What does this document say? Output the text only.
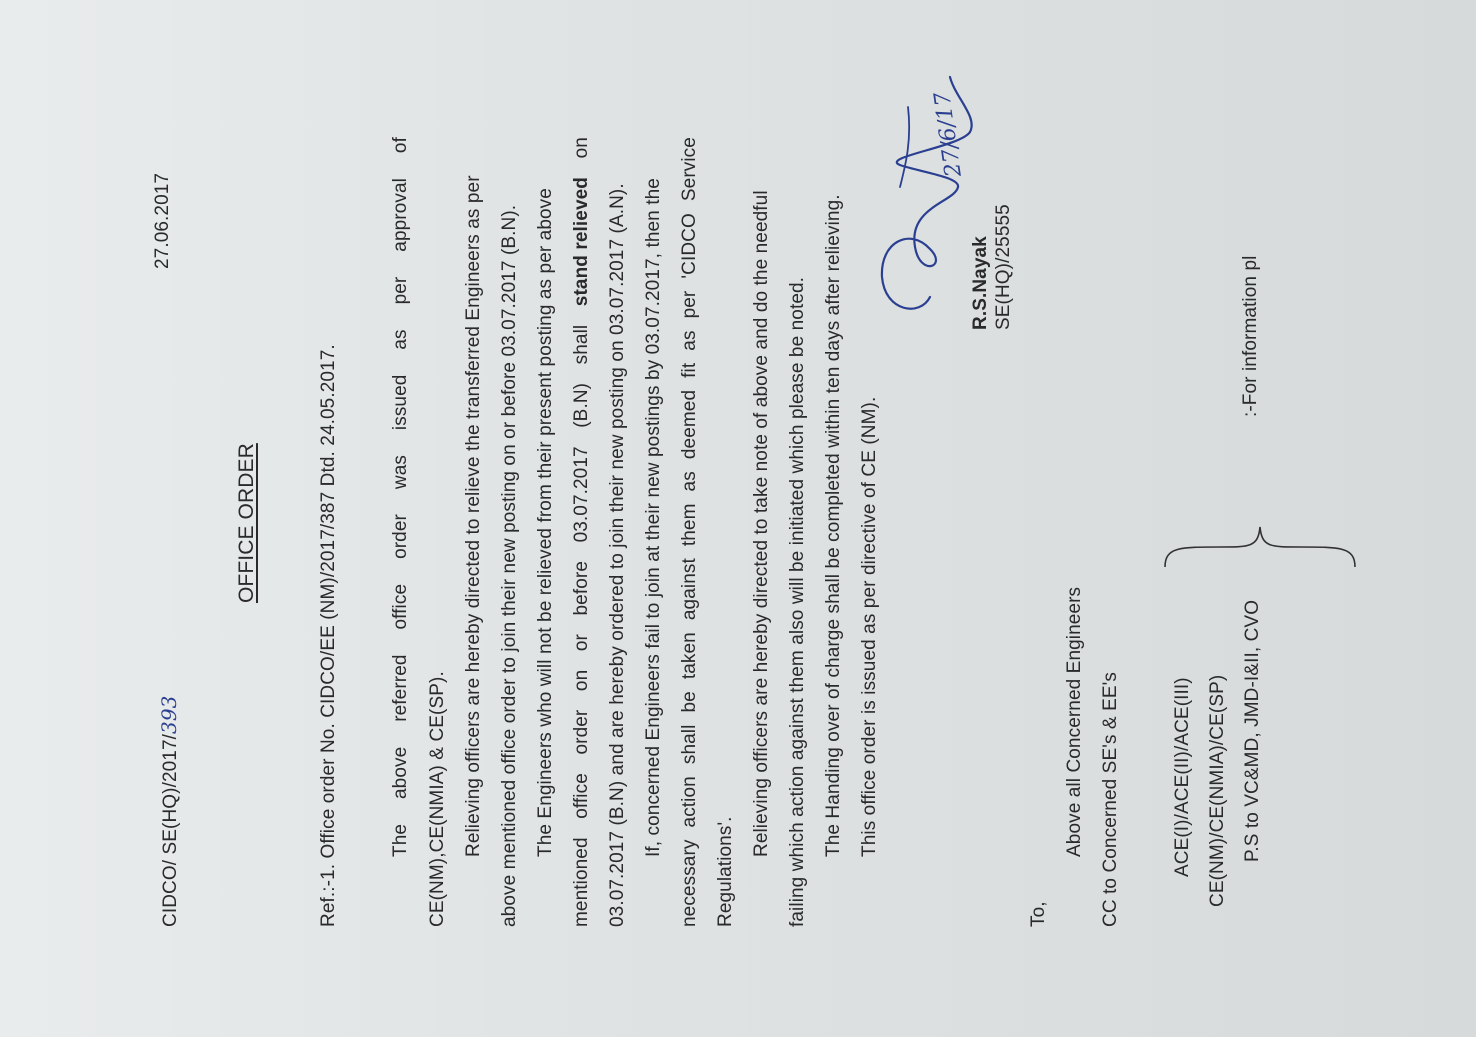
CIDCO/ SE(HQ)/2017/393
27.06.2017
OFFICE ORDER	Ref.:-1. Office order No. CIDCO/EE (NM)/2017/387 Dtd. 24.05.2017.	The
above
referred
office
order
was
issued
as
per
approval
of
CE(NM),CE(NMIA) & CE(SP). Relieving officers are hereby directed to relieve the transferred Engineers as per above mentioned office order to join their new posting on or before 03.07.2017 (B.N). The Engineers who will not be relieved from their present posting as per above
mentioned
office
order
on
or
before
03.07.2017
(B.N)
shall
stand relieved
on
03.07.2017 (B.N) and are hereby ordered to join their new posting on 03.07.2017 (A.N). If, concerned Engineers fail to join at their new postings by 03.07.2017, then the
necessary
action
shall
be
taken
against
them
as
deemed
fit
as
per
'CIDCO
Service
Regulations'.
Relieving officers are hereby directed to take note of above and do the needful failing which action against them also will be initiated which please be noted. The Handing over of charge shall be completed within ten days after relieving. This office order is issued as per directive of CE (NM).
27/6/17
R.S.Nayak SE(HQ)/25555
To,
Above all Concerned Engineers CC to Concerned SE's & EE's	ACE(I)/ACE(II)/ACE(III) CE(NM)/CE(NMIA)/CE(SP) P.S to VC&MD, JMD-I&II, CVO
:-For information pl
